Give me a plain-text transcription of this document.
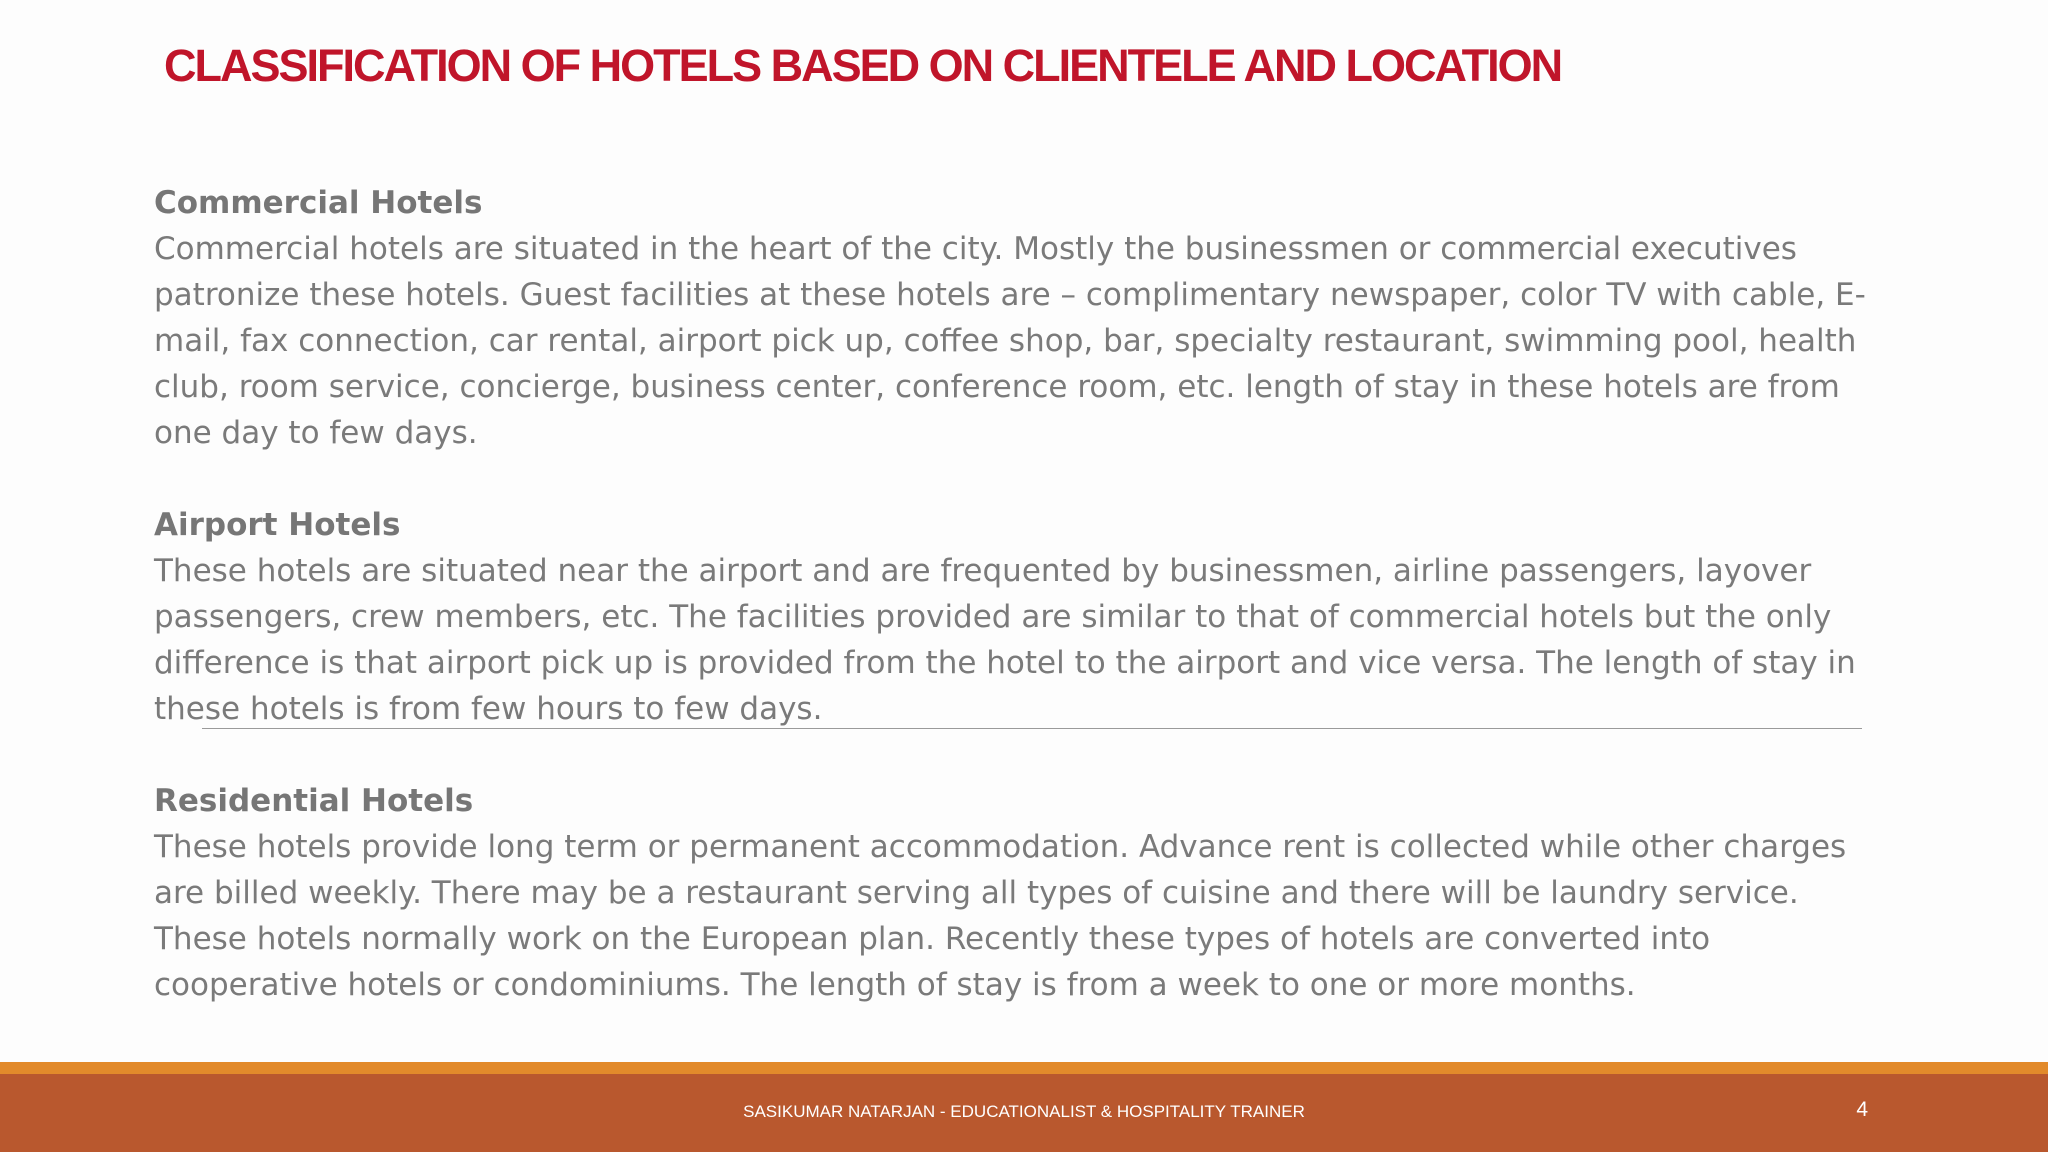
CLASSIFICATION OF HOTELS BASED ON CLIENTELE AND LOCATION

Commercial Hotels
Commercial hotels are situated in the heart of the city. Mostly the businessmen or commercial executives patronize these hotels. Guest facilities at these hotels are – complimentary newspaper, color TV with cable, E-mail, fax connection, car rental, airport pick up, coffee shop, bar, specialty restaurant, swimming pool, health club, room service, concierge, business center, conference room, etc. length of stay in these hotels are from one day to few days.

Airport Hotels
These hotels are situated near the airport and are frequented by businessmen, airline passengers, layover passengers, crew members, etc. The facilities provided are similar to that of commercial hotels but the only difference is that airport pick up is provided from the hotel to the airport and vice versa. The length of stay in these hotels is from few hours to few days.

Residential Hotels
These hotels provide long term or permanent accommodation. Advance rent is collected while other charges are billed weekly. There may be a restaurant serving all types of cuisine and there will be laundry service. These hotels normally work on the European plan. Recently these types of hotels are converted into cooperative hotels or condominiums. The length of stay is from a week to one or more months.

SASIKUMAR NATARJAN - EDUCATIONALIST & HOSPITALITY TRAINER	4
